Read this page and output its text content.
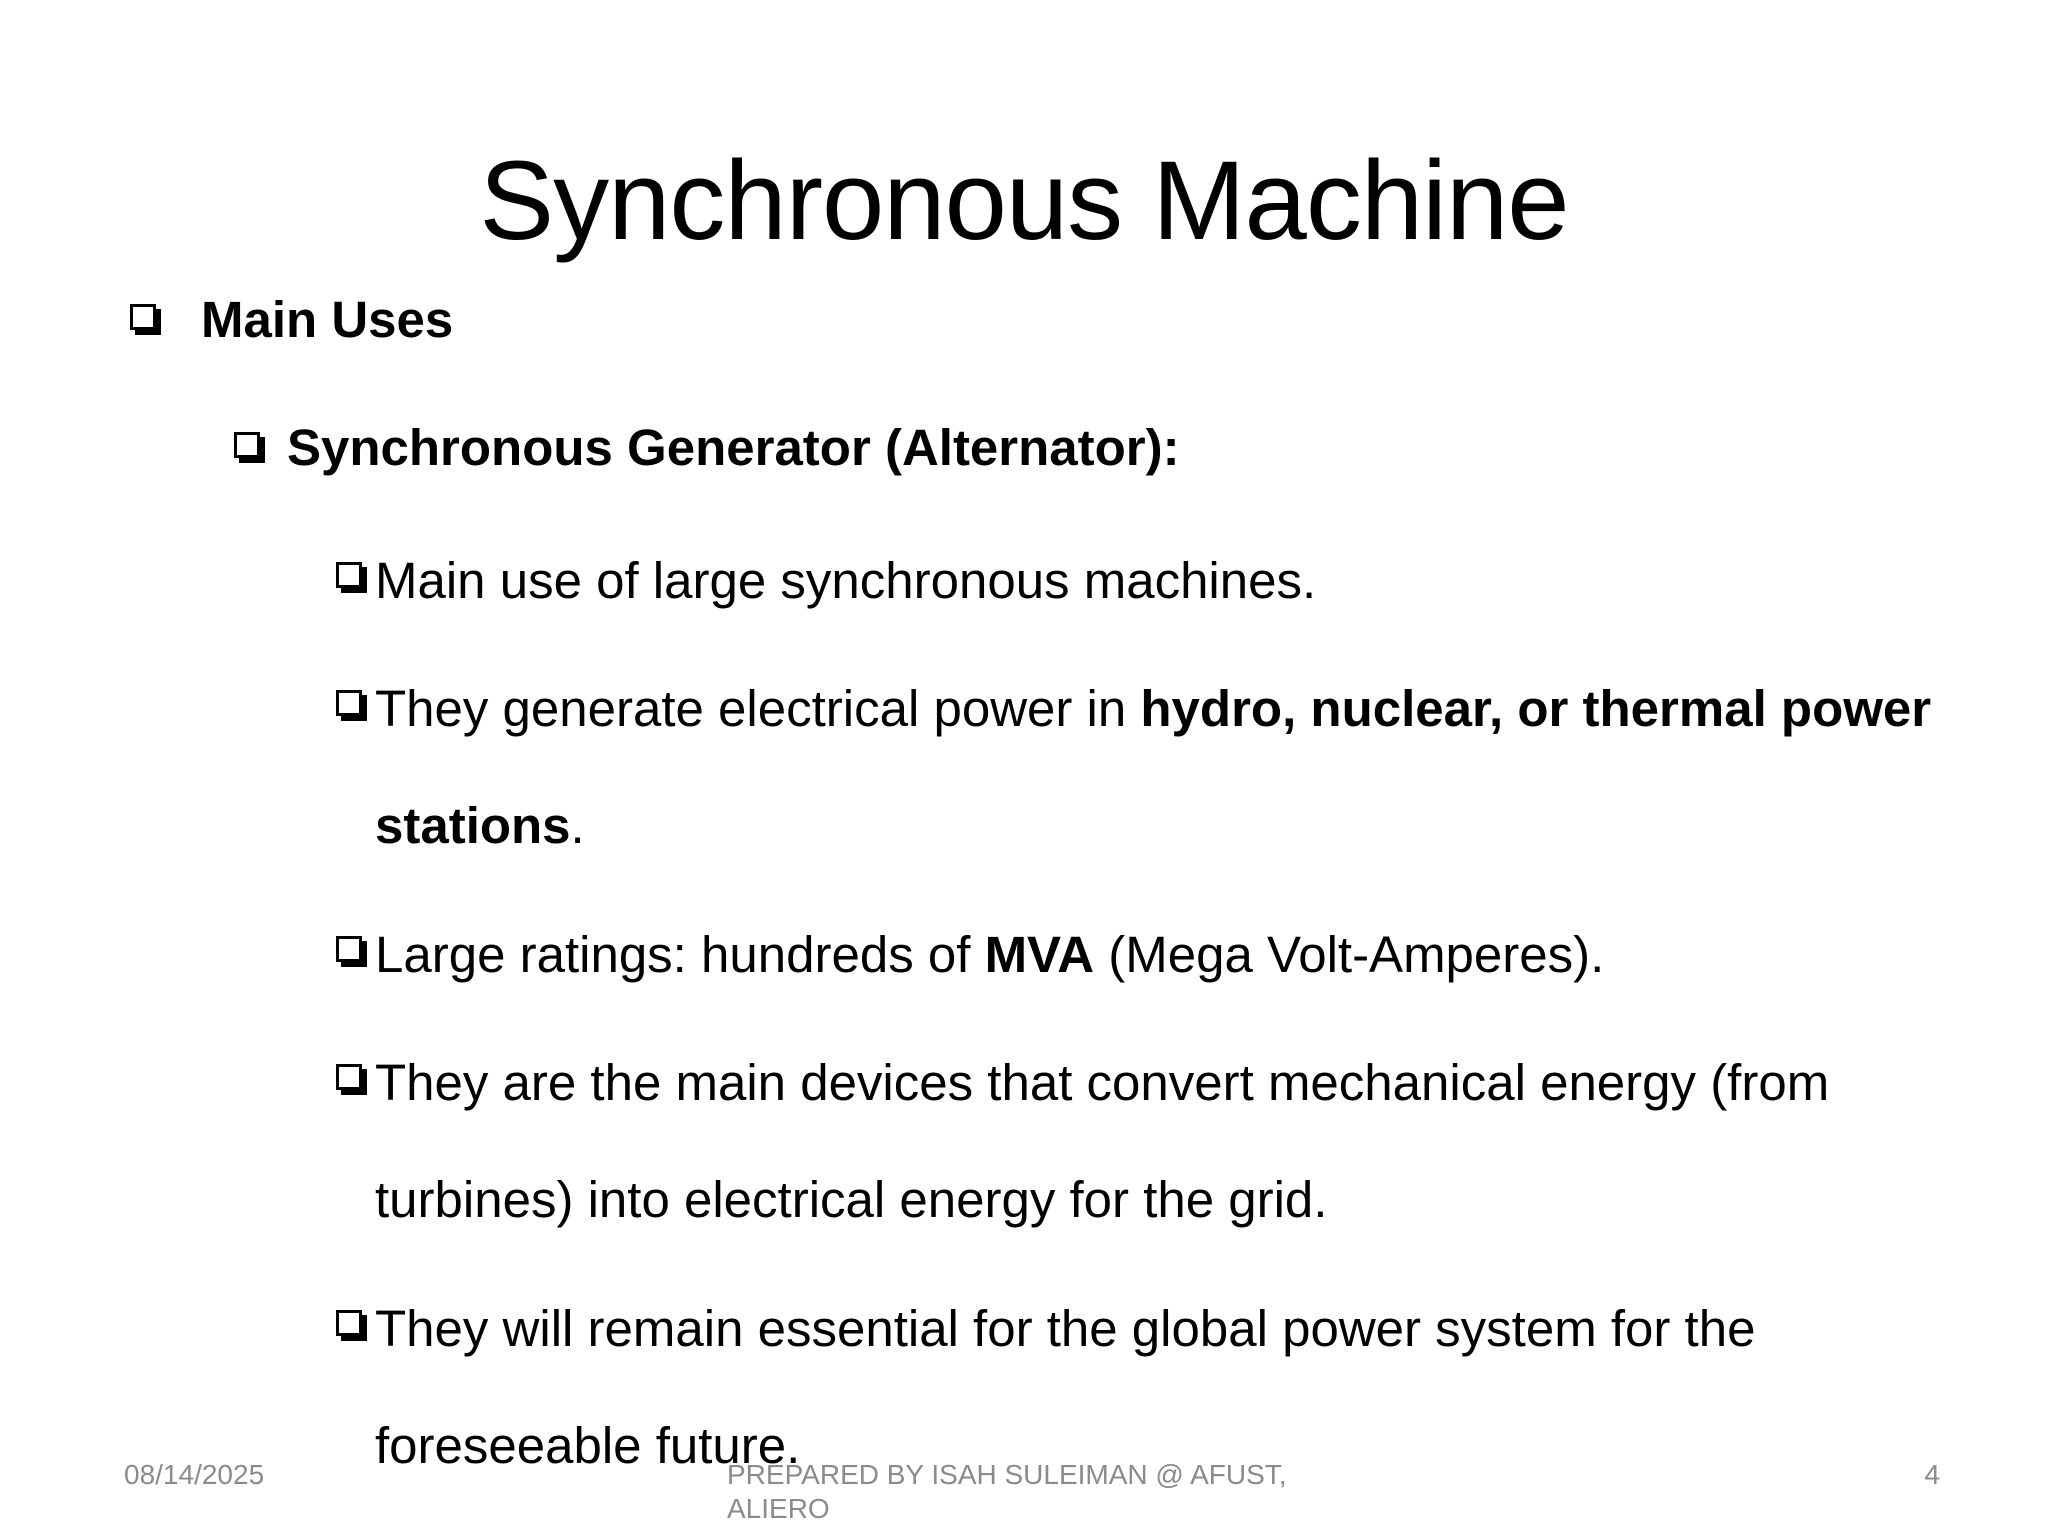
Synchronous Machine
Main Uses
Synchronous Generator (Alternator):
Main use of large synchronous machines.
They generate electrical power in hydro, nuclear, or thermal power stations.
Large ratings: hundreds of MVA (Mega Volt-Amperes).
They are the main devices that convert mechanical energy (from turbines) into electrical energy for the grid.
They will remain essential for the global power system for the foreseeable future.
08/14/2025	PREPARED BY ISAH SULEIMAN @ AFUST, ALIERO
4
